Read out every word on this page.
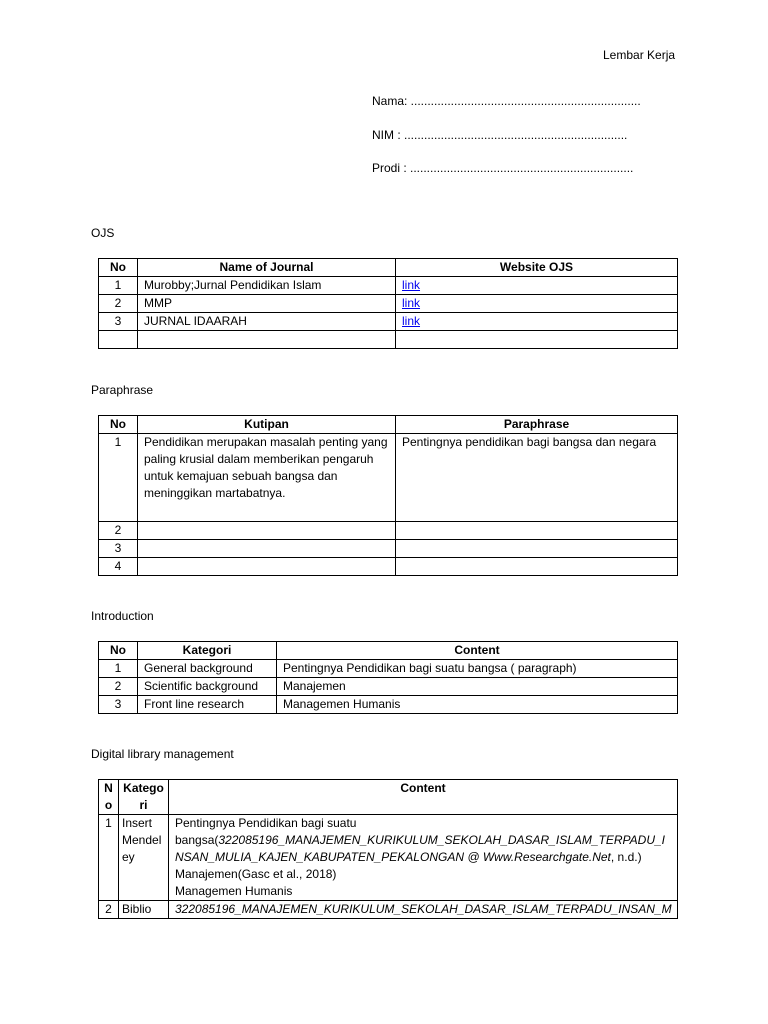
Lembar Kerja
Nama: .....................................................................
NIM : ...................................................................
Prodi : ...................................................................
OJS
No	Name of Journal	Website OJS
1	Murobby;Jurnal Pendidikan Islam	link
2	MMP	link
3	JURNAL IDAARAH	link

Paraphrase
No	Kutipan	Paraphrase
1	Pendidikan merupakan masalah penting yang paling krusial dalam memberikan pengaruh untuk kemajuan sebuah bangsa dan meninggikan martabatnya.	Pentingnya pendidikan bagi bangsa dan negara
2		
3		
4		
Introduction
No	Kategori	Content
1	General background	Pentingnya Pendidikan bagi suatu bangsa ( paragraph)
2	Scientific background	Manajemen
3	Front line research	Managemen Humanis
Digital library management
No	Kategori	Content
1	Insert Mendeley	Pentingnya Pendidikan bagi suatu
bangsa(322085196_MANAJEMEN_KURIKULUM_SEKOLAH_DASAR_ISLAM_TERPADU_INSAN_MULIA_KAJEN_KABUPATEN_PEKALONGAN @ Www.Researchgate.Net, n.d.)
Manajemen(Gasc et al., 2018)
Managemen Humanis

2	Biblio	322085196_MANAJEMEN_KURIKULUM_SEKOLAH_DASAR_ISLAM_TERPADU_INSAN_M
